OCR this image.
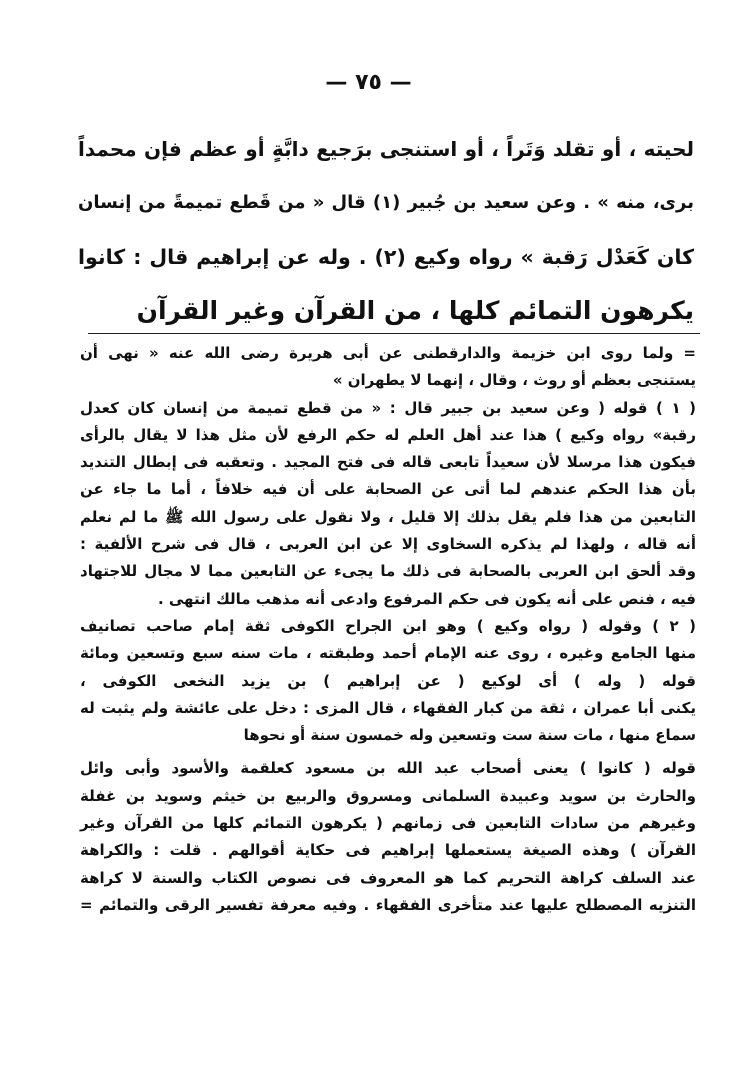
— ٧٥ —

لحيته ، أو تقلد وَتَراً ، أو استنجى برَجيع دابَّةٍ أو عظم فإن محمداً

برى، منه » . وعن سعيد بن جُبير (١) قال « من قَطع تميمةً من إنسان

كان كَعَدْل رَقبة » رواه وكيع (٢) . وله عن إبراهيم قال : كانوا

يكرهون التمائم كلها ، من القرآن وغير القرآن

= ولما روى ابن خزيمة والدارقطنى عن أبى هريرة رضى الله عنه « نهى أن

يستنجى بعظم أو روث ، وقال ، إنهما لا يطهران »

( ١ ) قوله ( وعن سعيد بن جبير قال : « من قطع تميمة من إنسان كان كعدل

رقبة» رواه وكيع ) هذا عند أهل العلم له حكم الرفع لأن مثل هذا لا يقال بالرأى

فيكون هذا مرسلا لأن سعيداً تابعى قاله فى فتح المجيد . وتعقبه فى إبطال التنديد

بأن هذا الحكم عندهم لما أتى عن الصحابة على أن فيه خلافاً ، أما ما جاء عن

التابعين من هذا فلم يقل بذلك إلا قليل ، ولا نقول على رسول الله ﷺ ما لم نعلم

أنه قاله ، ولهذا لم يذكره السخاوى إلا عن ابن العربى ، قال فى شرح الألفية :

وقد ألحق ابن العربى بالصحابة فى ذلك ما يجىء عن التابعين مما لا مجال للاجتهاد

فيه ، فنص على أنه يكون فى حكم المرفوع وادعى أنه مذهب مالك انتهى .

( ٢ ) وقوله ( رواه وكيع ) وهو ابن الجراح الكوفى ثقة إمام صاحب تصانيف

منها الجامع وغيره ، روى عنه الإمام أحمد وطبقته ، مات سنه سبع وتسعين ومائة

قوله ( وله ) أى لوكيع ( عن إبراهيم ) بن يزيد النخعى الكوفى ،

يكنى أبا عمران ، ثقة من كبار الفقهاء ، قال المزى : دخل على عائشة ولم يثبت له

سماع منها ، مات سنة ست وتسعين وله خمسون سنة أو نحوها

قوله ( كانوا ) يعنى أصحاب عبد الله بن مسعود كعلقمة والأسود وأبى وائل

والحارث بن سويد وعبيدة السلمانى ومسروق والربيع بن خيثم وسويد بن غفلة

وغيرهم من سادات التابعين فى زمانهم ( يكرهون التمائم كلها من القرآن وغير

القرآن ) وهذه الصيغة يستعملها إبراهيم فى حكاية أقوالهم . قلت : والكراهة

عند السلف كراهة التحريم كما هو المعروف فى نصوص الكتاب والسنة لا كراهة

التنزيه المصطلح عليها عند متأخرى الفقهاء . وفيه معرفة تفسير الرقى والتمائم =
